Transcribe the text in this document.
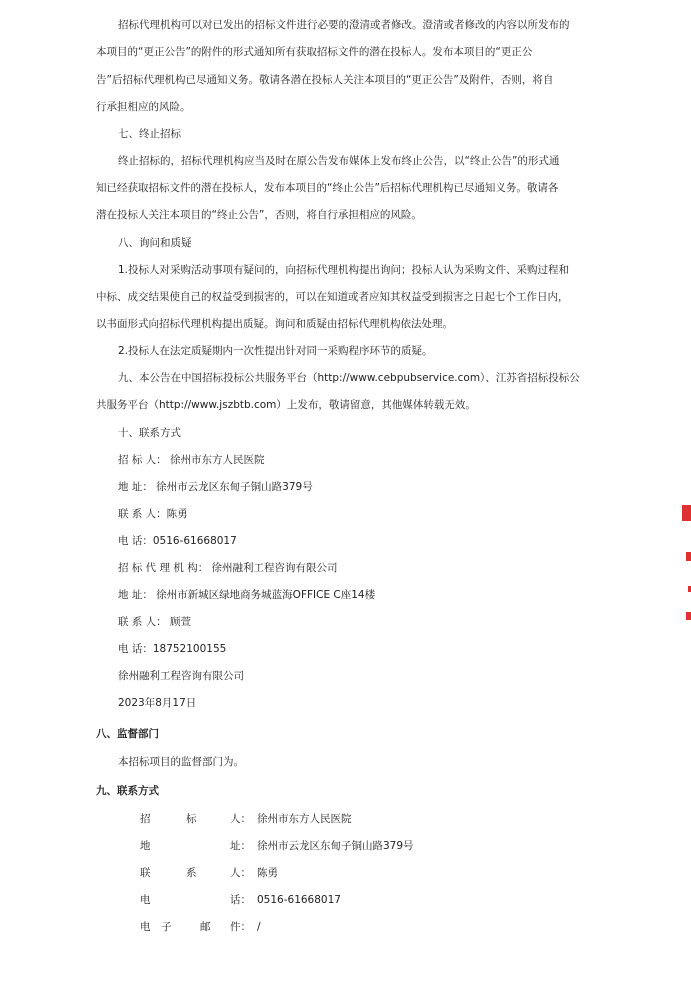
招标代理机构可以对已发出的招标文件进行必要的澄清或者修改。澄清或者修改的内容以所发布的
本项目的“更正公告”的附件的形式通知所有获取招标文件的潜在投标人。发布本项目的“更正公
告”后招标代理机构已尽通知义务。敬请各潜在投标人关注本项目的“更正公告”及附件，否则，将自
行承担相应的风险。
七、终止招标
终止招标的，招标代理机构应当及时在原公告发布媒体上发布终止公告，以“终止公告”的形式通
知已经获取招标文件的潜在投标人，发布本项目的“终止公告”后招标代理机构已尽通知义务。敬请各
潜在投标人关注本项目的“终止公告”，否则，将自行承担相应的风险。
八、询问和质疑
1.投标人对采购活动事项有疑问的，向招标代理机构提出询问；投标人认为采购文件、采购过程和
中标、成交结果使自己的权益受到损害的，可以在知道或者应知其权益受到损害之日起七个工作日内，
以书面形式向招标代理机构提出质疑。询问和质疑由招标代理机构依法处理。
2.投标人在法定质疑期内一次性提出针对同一采购程序环节的质疑。
九、本公告在中国招标投标公共服务平台（http://www.cebpubservice.com）、江苏省招标投标公
共服务平台（http://www.jszbtb.com）上发布，敬请留意，其他媒体转载无效。
十、联系方式
招 标 人： 徐州市东方人民医院
地 址： 徐州市云龙区东甸子铜山路379号
联 系 人：陈勇
电 话：0516-61668017
招 标 代 理 机 构： 徐州融利工程咨询有限公司
地 址： 徐州市新城区绿地商务城蓝海OFFICE C座14楼
联 系 人： 顾萱
电 话：18752100155
徐州融利工程咨询有限公司
2023年8月17日
八、监督部门
本招标项目的监督部门为。
九、联系方式
招	标	人： 徐州市东方人民医院
地	址： 徐州市云龙区东甸子铜山路379号
联	系	人： 陈勇
电	话： 0516-61668017
电　子	邮 件： /
